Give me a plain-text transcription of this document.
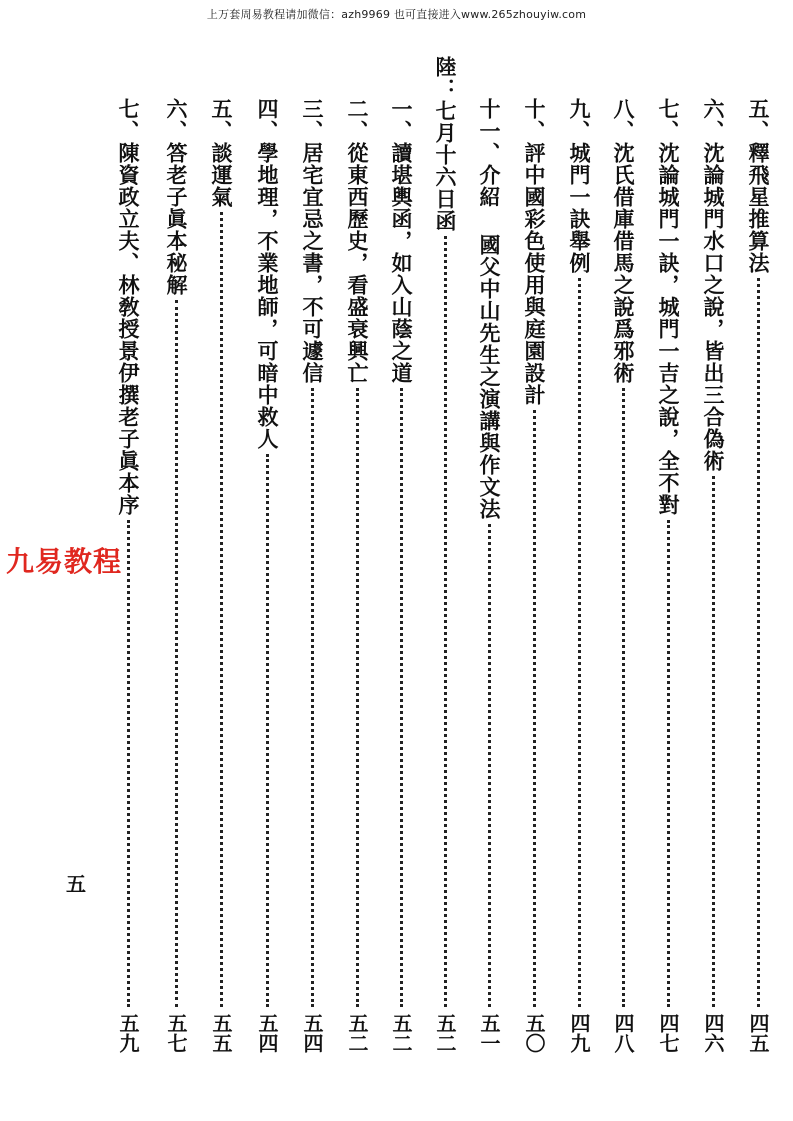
上万套周易教程请加微信：azh9969 也可直接进入www.265zhouyiw.com
九易教程
五
五、釋飛星推算法
四五
六、沈論城門水口之說，皆出三合偽術
四六
七、沈論城門一訣，城門一吉之說，全不對
四七
八、沈氏借庫借馬之說爲邪術
四八
九、城門一訣舉例
四九
十、評中國彩色使用與庭園設計
五〇
十一、介紹 國父中山先生之演講與作文法
五一
陸：七月十六日函
五二
一、讀堪輿函，如入山蔭之道
五二
二、從東西歷史，看盛衰興亡
五二
三、居宅宜忌之書，不可遽信
五四
四、學地理，不業地師，可暗中救人
五四
五、談運氣
五五
六、答老子眞本秘解
五七
七、陳資政立夫、林敎授景伊撰老子眞本序
五九
